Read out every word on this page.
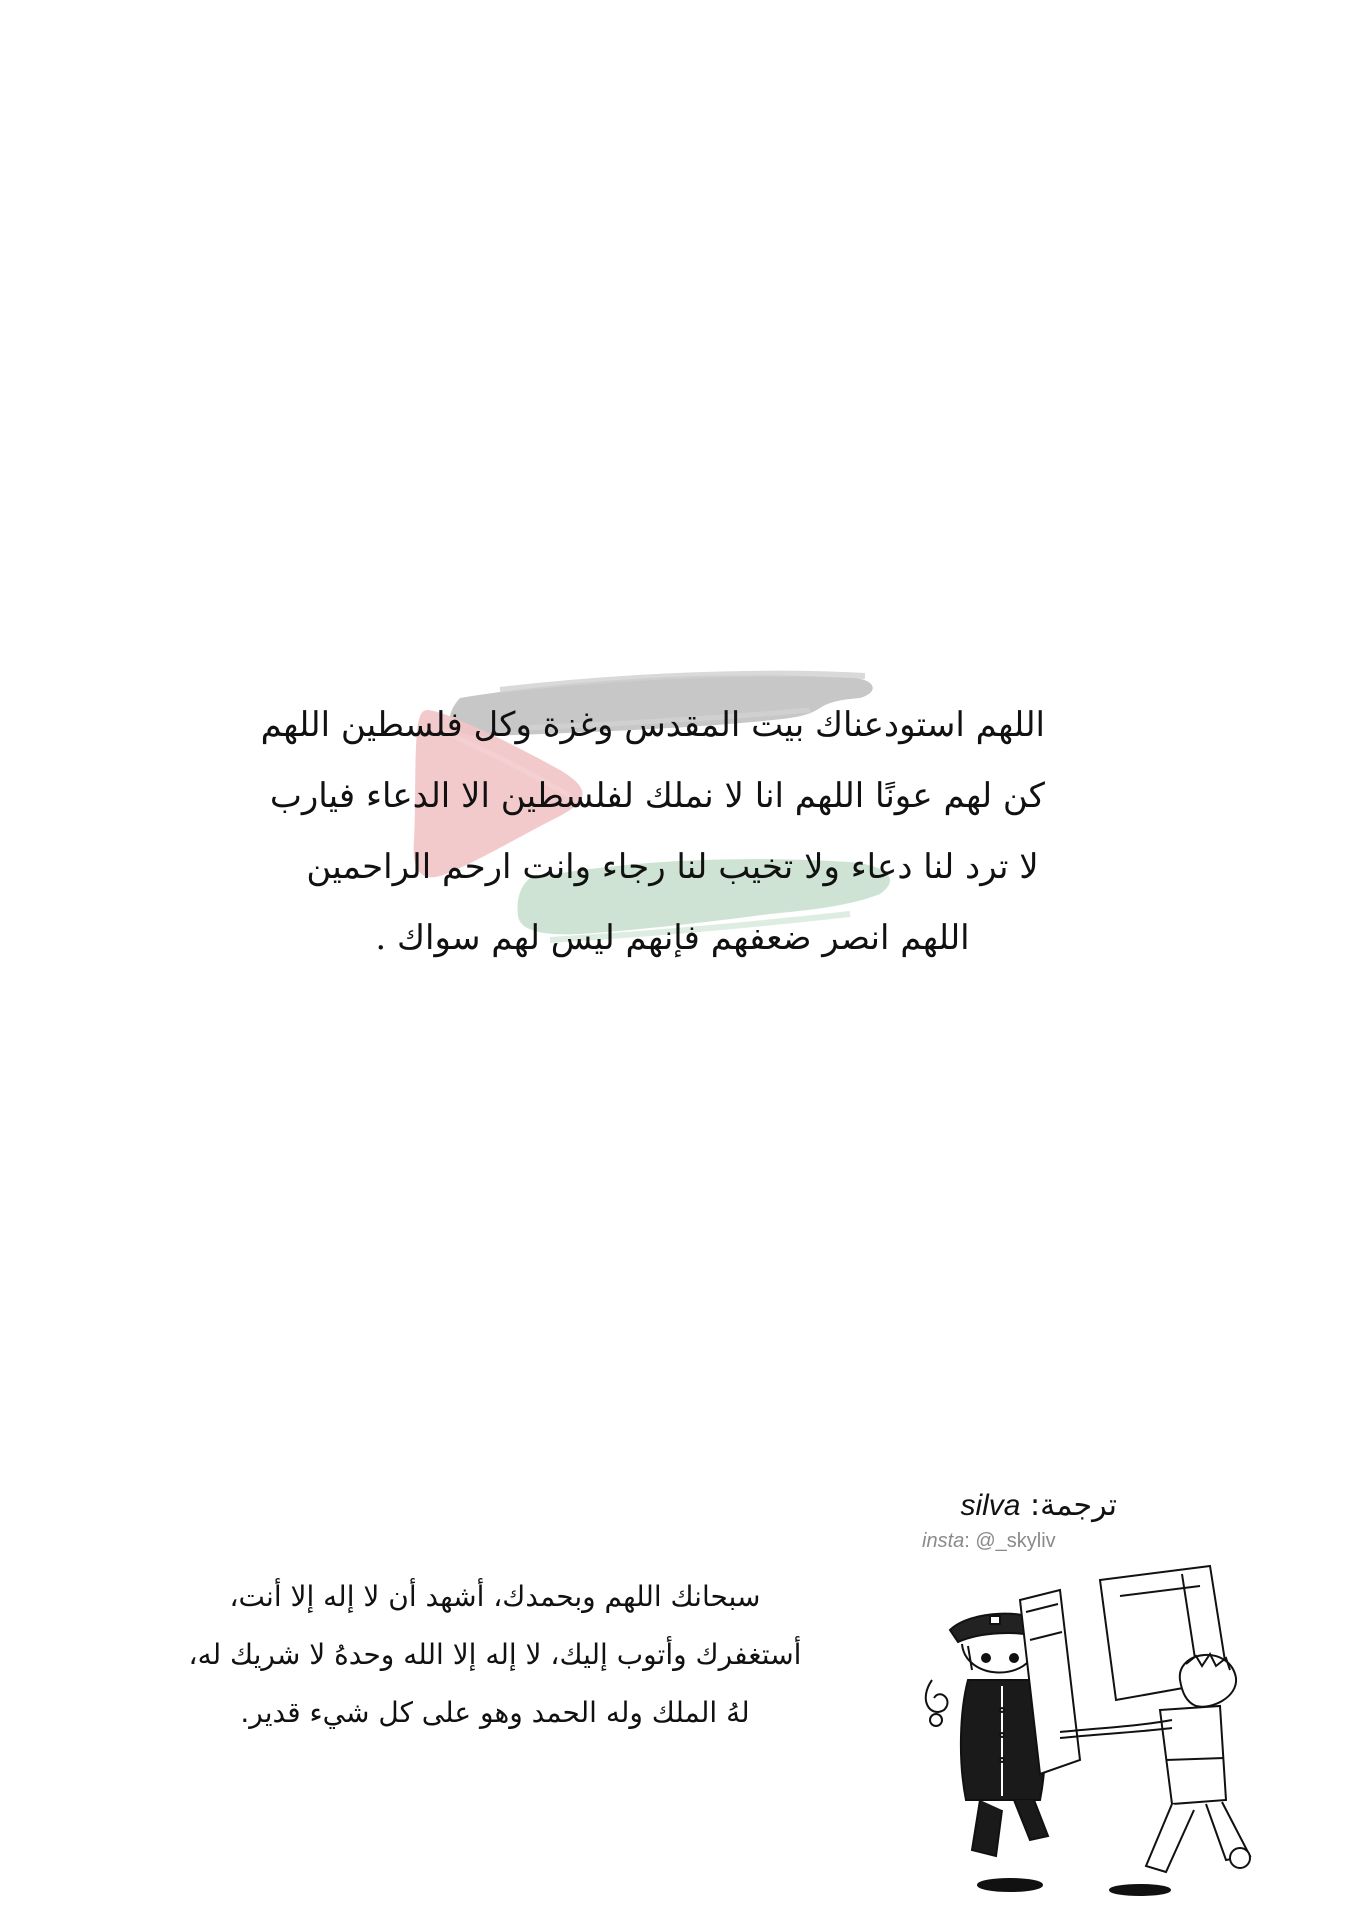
اللهم استودعناك بيت المقدس وغزة وكل فلسطين اللهم
كن لهم عونًا اللهم انا لا نملك لفلسطين الا الدعاء فيارب
لا ترد لنا دعاء ولا تخيب لنا رجاء وانت ارحم الراحمين
اللهم انصر ضعفهم فإنهم ليس لهم سواك .
ترجمة: silva
insta: @_skyliv
سبحانك اللهم وبحمدك، أشهد أن لا إله إلا أنت،
أستغفرك وأتوب إليك، لا إله إلا الله وحدهُ لا شريك له،
لهُ الملك وله الحمد وهو على كل شيء قدير.
